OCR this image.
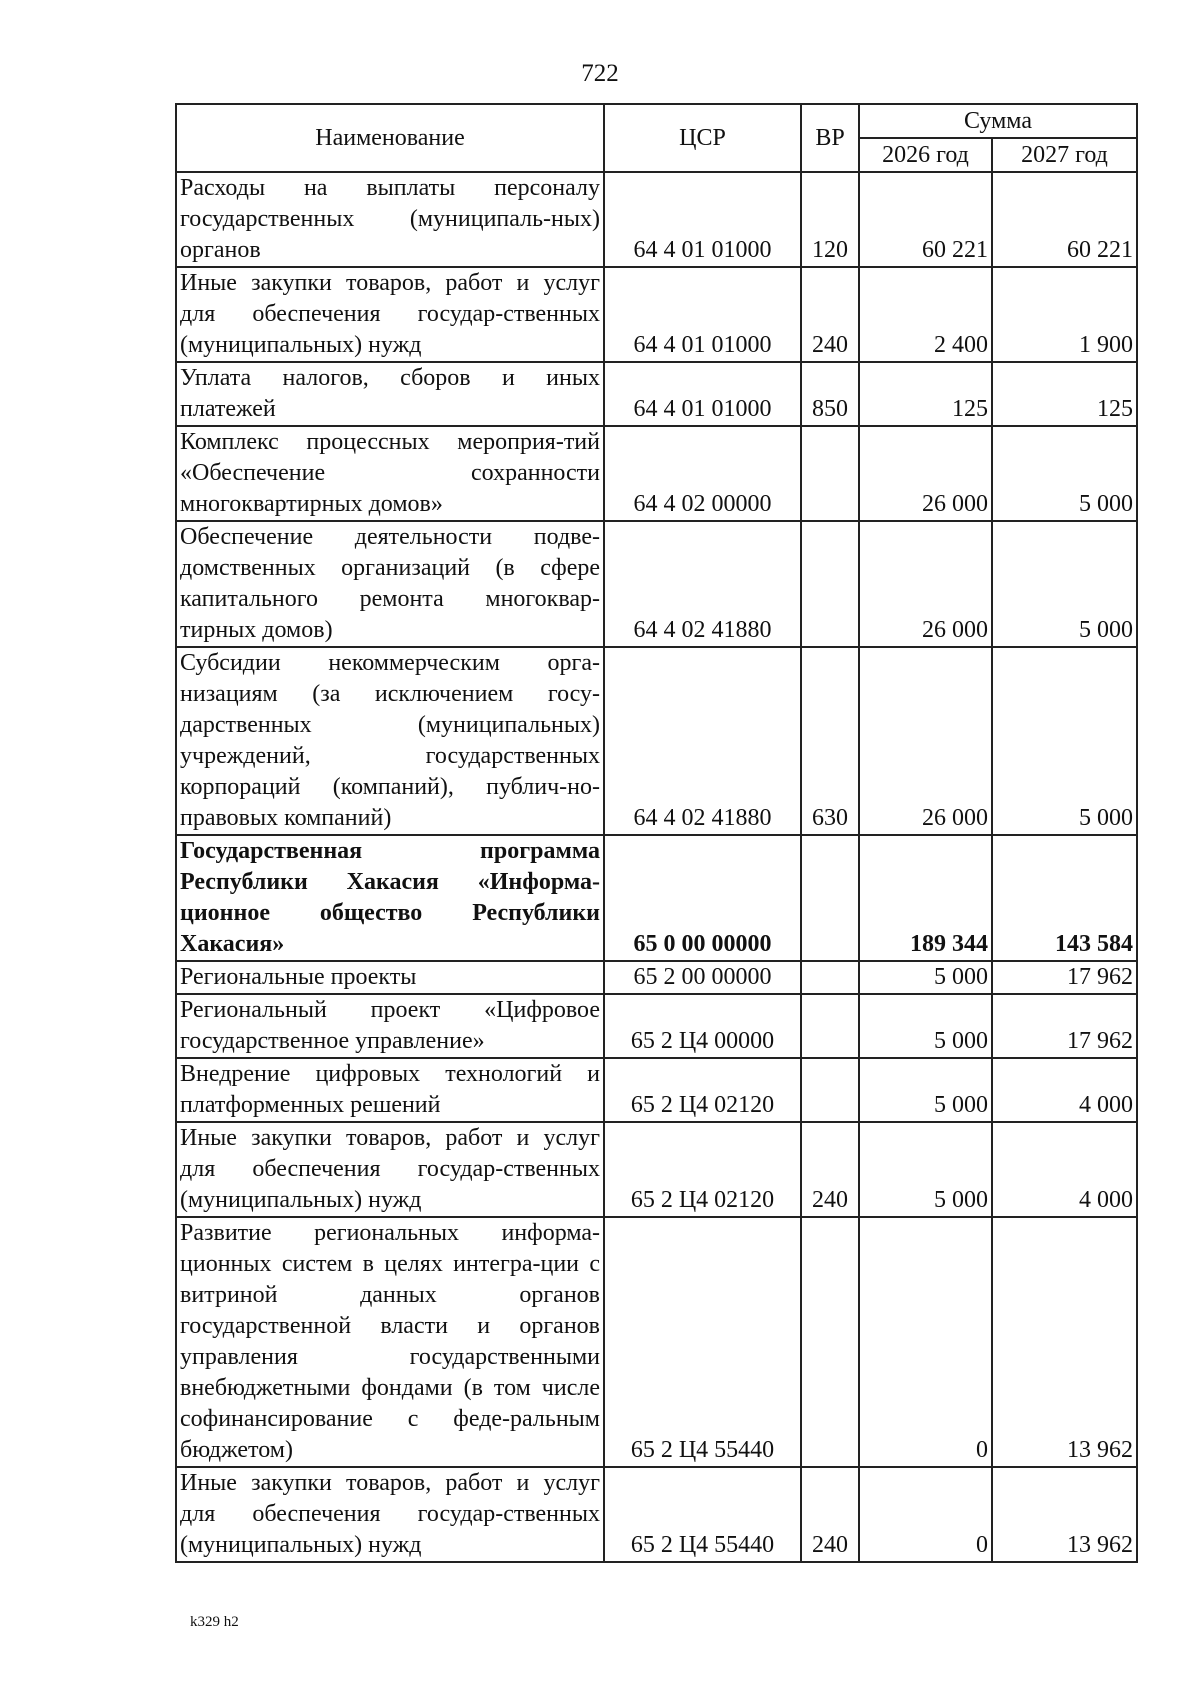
722
Наименование	ЦСР	ВР	Сумма	
			2026 год	2027 год
Расходы на выплаты персоналу государственных (муниципаль-ных) органов	64 4 01 01000	120	60 221	60 221
Иные закупки товаров, работ и услуг для обеспечения государ-ственных (муниципальных) нужд	64 4 01 01000	240	2 400	1 900
Уплата налогов, сборов и иных платежей	64 4 01 01000	850	125	125
Комплекс процессных мероприя-тий «Обеспечение сохранности многоквартирных домов»	64 4 02 00000		26 000	5 000
Обеспечение деятельности подве-домственных организаций (в сфере капитального ремонта многоквар-тирных домов)	64 4 02 41880		26 000	5 000
Субсидии некоммерческим орга-низациям (за исключением госу-дарственных (муниципальных) учреждений, государственных корпораций (компаний), публич-но-правовых компаний)	64 4 02 41880	630	26 000	5 000
Государственная программа Республики Хакасия «Информа-ционное общество Республики Хакасия»	65 0 00 00000		189 344	143 584
Региональные проекты	65 2 00 00000		5 000	17 962
Региональный проект «Цифровое государственное управление»	65 2 Ц4 00000		5 000	17 962
Внедрение цифровых технологий и платформенных решений	65 2 Ц4 02120		5 000	4 000
Иные закупки товаров, работ и услуг для обеспечения государ-ственных (муниципальных) нужд	65 2 Ц4 02120	240	5 000	4 000
Развитие региональных информа-ционных систем в целях интегра-ции с витриной данных органов государственной власти и органов управления государственными внебюджетными фондами (в том числе софинансирование с феде-ральным бюджетом)	65 2 Ц4 55440		0	13 962
Иные закупки товаров, работ и услуг для обеспечения государ-ственных (муниципальных) нужд	65 2 Ц4 55440	240	0	13 962
k329 h2
